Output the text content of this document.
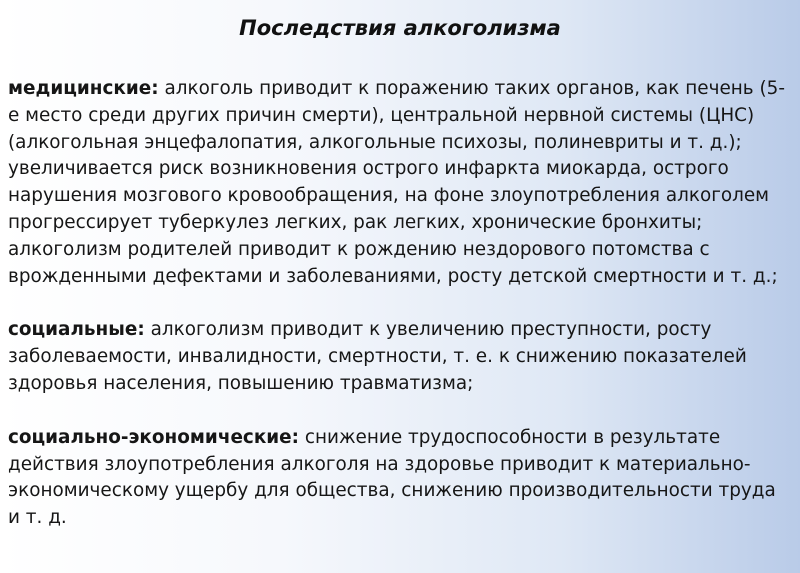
Последствия алкоголизма

медицинские: алкоголь приводит к поражению таких органов, как печень (5-е место среди других причин смерти), центральной нервной системы (ЦНС) (алкогольная энцефалопатия, алкогольные психозы, полиневриты и т. д.); увеличивается риск возникновения острого инфаркта миокарда, острого нарушения мозгового кровообращения, на фоне злоупотребления алкоголем прогрессирует туберкулез легких, рак легких, хронические бронхиты; алкоголизм родителей приводит к рождению нездорового потомства с врожденными дефектами и заболеваниями, росту детской смертности и т. д.;

социальные: алкоголизм приводит к увеличению преступности, росту заболеваемости, инвалидности, смертности, т. е. к снижению показателей здоровья населения, повышению травматизма;

социально-экономические: снижение трудоспособности в результате действия злоупотребления алкоголя на здоровье приводит к материально-экономическому ущербу для общества, снижению производительности труда и т. д.
